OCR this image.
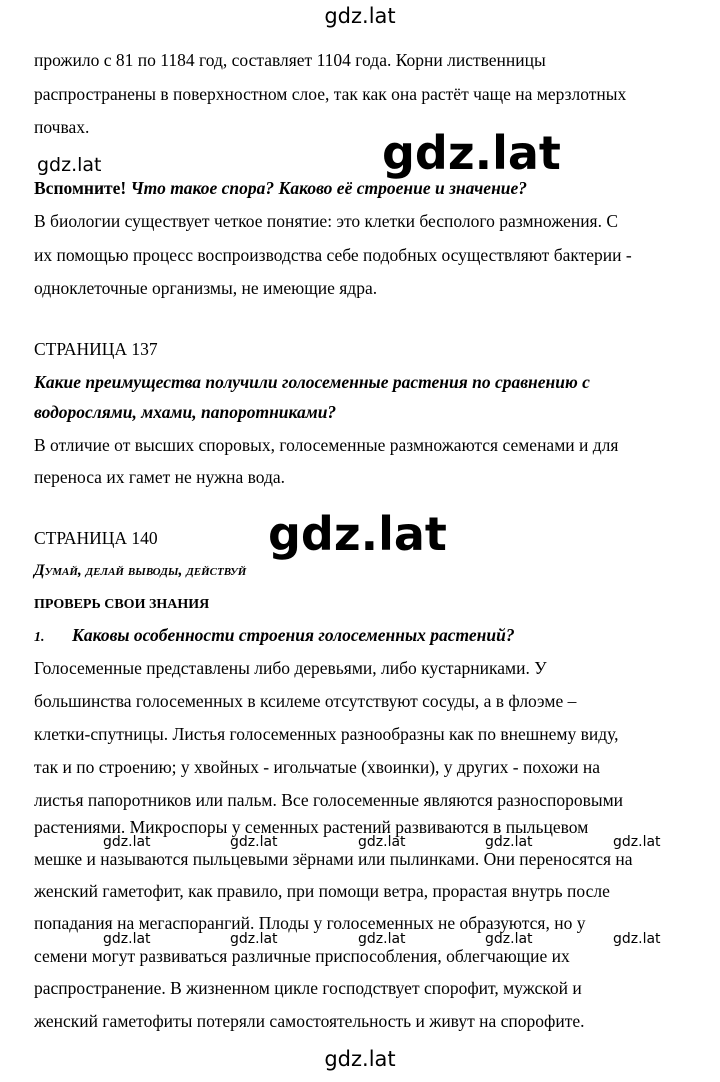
gdz.lat
gdz.lat	gdz.lat
gdz.lat
gdz.lat	gdz.lat	gdz.lat	gdz.lat	gdz.lat
gdz.lat	gdz.lat	gdz.lat	gdz.lat	gdz.lat
gdz.lat
прожило с 81 по 1184 год, составляет 1104 года. Корни лиственницы
распространены в поверхностном слое, так как она растёт чаще на мерзлотных
почвах.
Вспомните! Что такое спора? Каково её строение и значение?
В биологии существует четкое понятие: это клетки бесполого размножения. С
их помощью процесс воспроизводства себе подобных осуществляют бактерии -
одноклеточные организмы, не имеющие ядра.
СТРАНИЦА 137
Какие преимущества получили голосеменные растения по сравнению с
водорослями, мхами, папоротниками?
В отличие от высших споровых, голосеменные размножаются семенами и для
переноса их гамет не нужна вода.
СТРАНИЦА 140
Думай, делай выводы, действуй
ПРОВЕРЬ СВОИ ЗНАНИЯ
1. Каковы особенности строения голосеменных растений?
Голосеменные представлены либо деревьями, либо кустарниками. У
большинства голосеменных в ксилеме отсутствуют сосуды, а в флоэме –
клетки-спутницы. Листья голосеменных разнообразны как по внешнему виду,
так и по строению; у хвойных - игольчатые (хвоинки), у других - похожи на
листья папоротников или пальм. Все голосеменные являются разноспоровыми
растениями. Микроспоры у семенных растений развиваются в пыльцевом
мешке и называются пыльцевыми зёрнами или пылинками. Они переносятся на
женский гаметофит, как правило, при помощи ветра, прорастая внутрь после
попадания на мегаспорангий. Плоды у голосеменных не образуются, но у
семени могут развиваться различные приспособления, облегчающие их
распространение. В жизненном цикле господствует спорофит, мужской и
женский гаметофиты потеряли самостоятельность и живут на спорофите.
